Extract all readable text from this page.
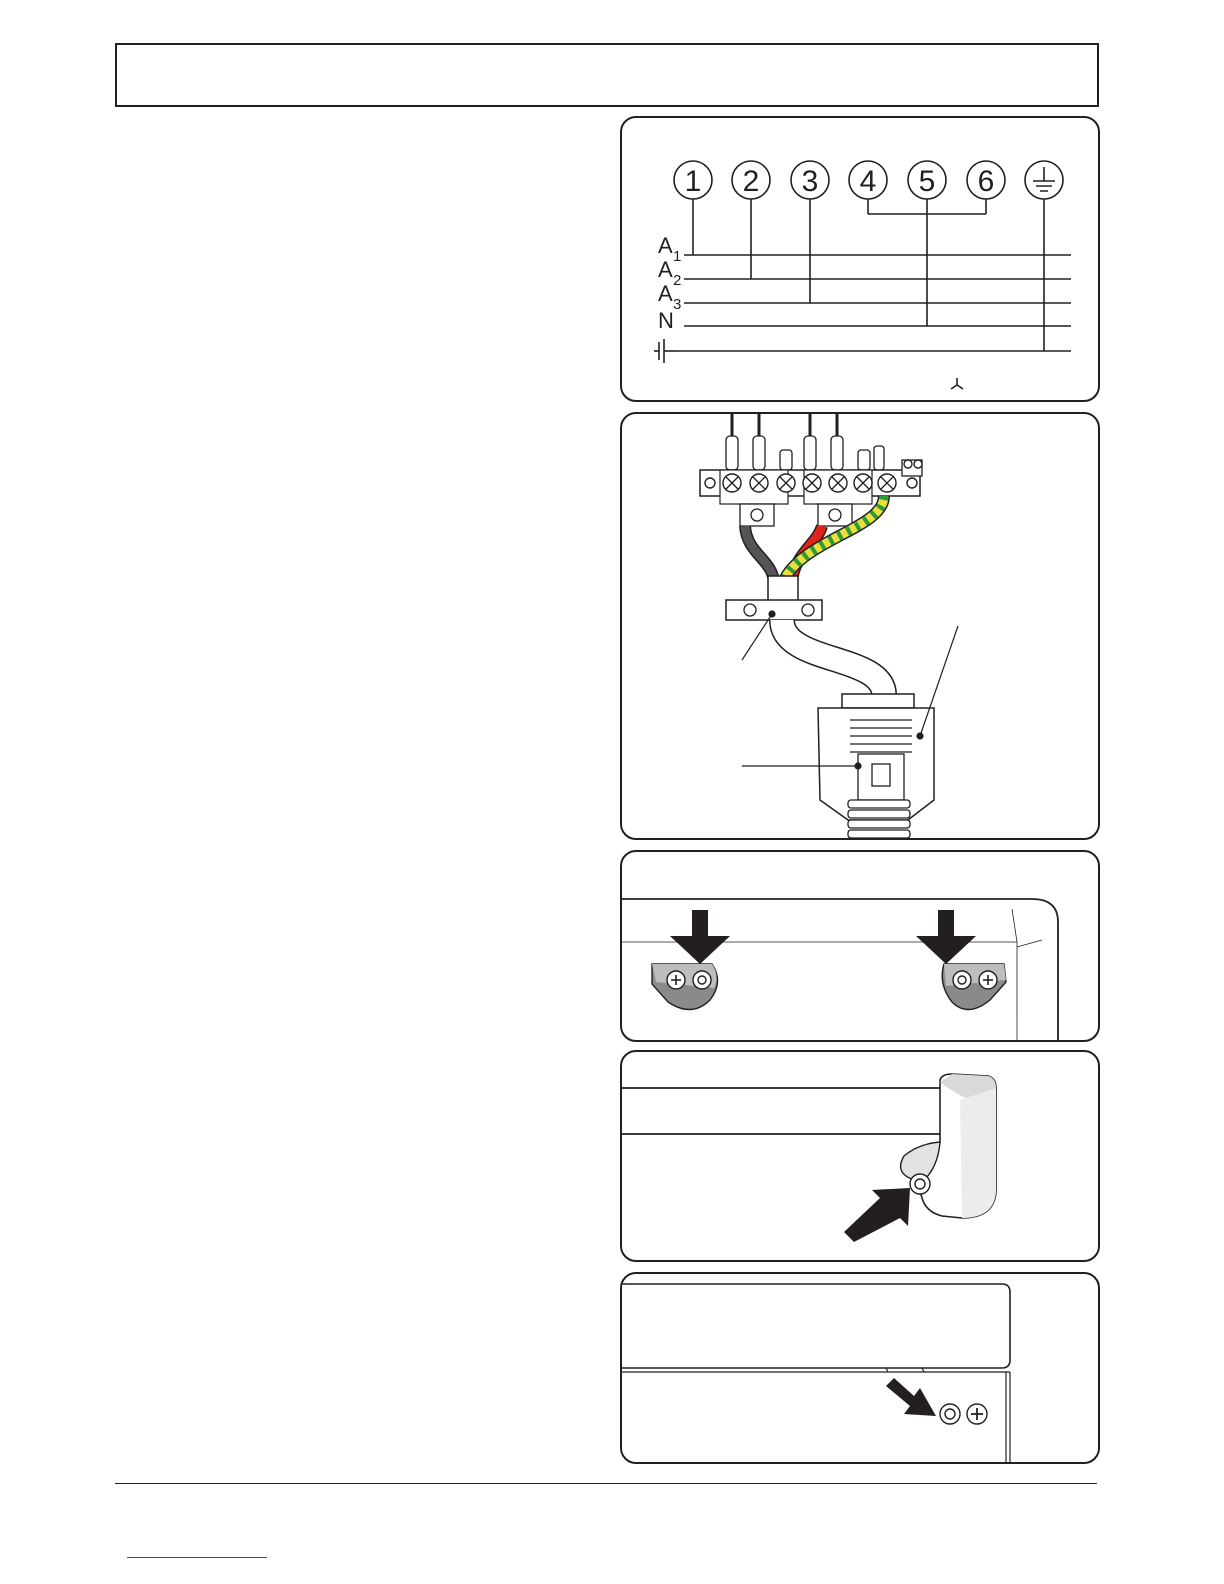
1 2 3 4 5 6
A 1
A 2
A 3
N
